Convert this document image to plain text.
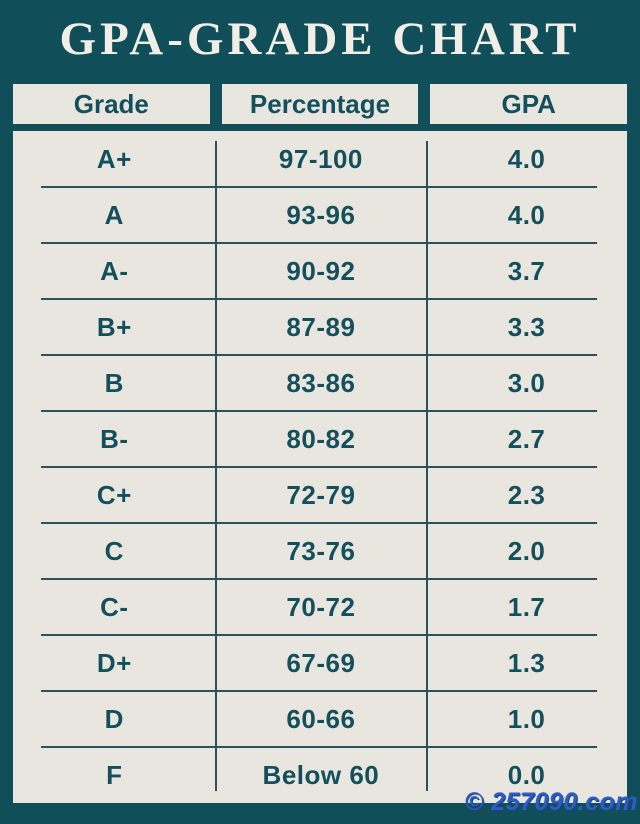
GPA-GRADE CHART
Grade	Percentage	GPA
A+	97-100	4.0
A	93-96	4.0
A-	90-92	3.7
B+	87-89	3.3
B	83-86	3.0
B-	80-82	2.7
C+	72-79	2.3
C	73-76	2.0
C-	70-72	1.7
D+	67-69	1.3
D	60-66	1.0
F	Below 60	0.0
© 257090.com
